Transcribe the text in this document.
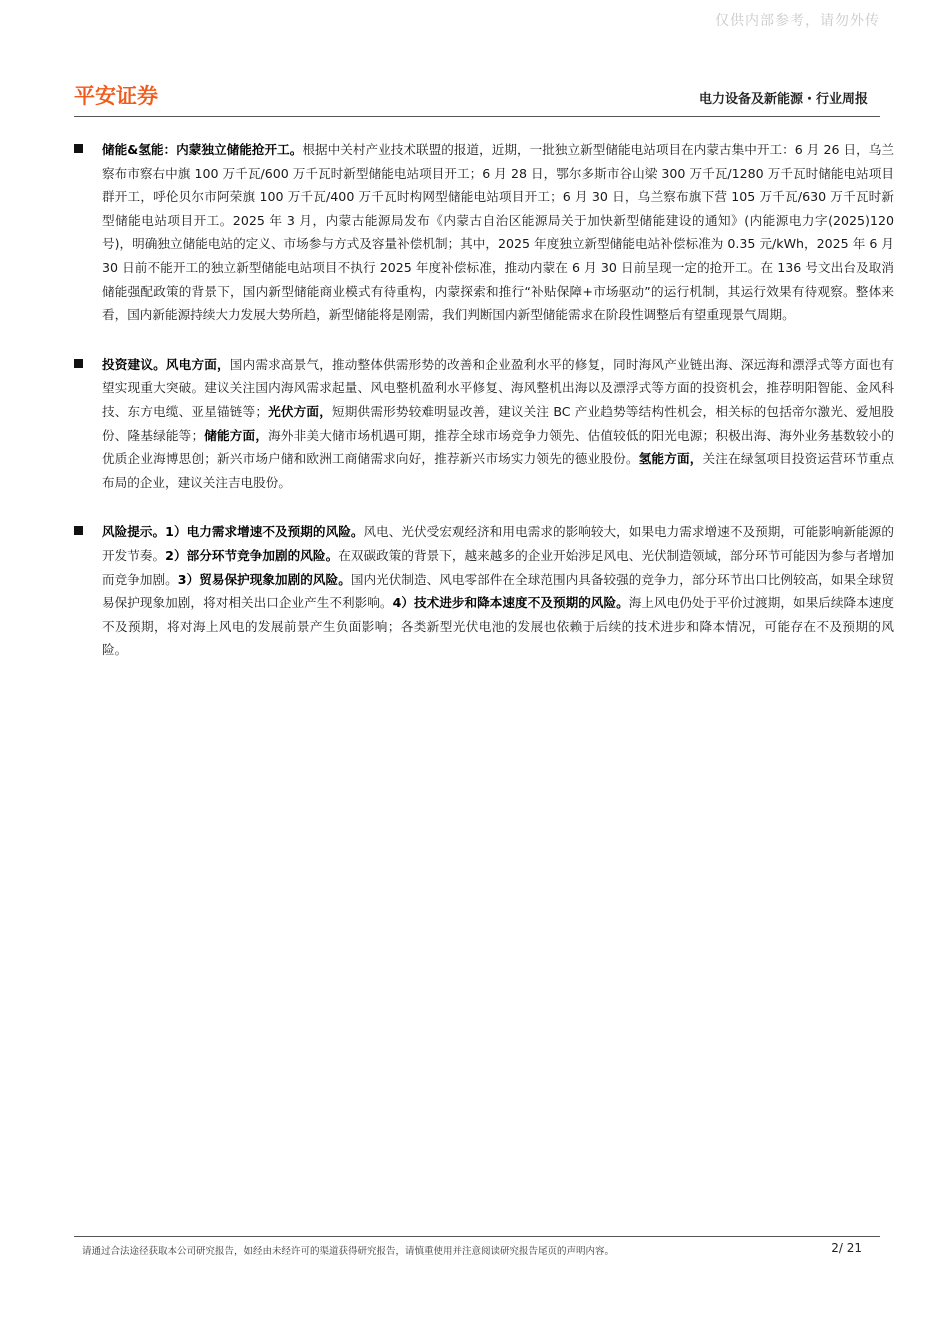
仅供内部参考，请勿外传
平安证券	电力设备及新能源・行业周报
储能&氢能：内蒙独立储能抢开工。根据中关村产业技术联盟的报道，近期，一批独立新型储能电站项目在内蒙古集中开工：6 月 26 日，乌兰察布市察右中旗 100 万千瓦/600 万千瓦时新型储能电站项目开工；6 月 28 日，鄂尔多斯市谷山梁 300 万千瓦/1280 万千瓦时储能电站项目群开工，呼伦贝尔市阿荣旗 100 万千瓦/400 万千瓦时构网型储能电站项目开工；6 月 30 日，乌兰察布旗下营 105 万千瓦/630 万千瓦时新型储能电站项目开工。2025 年 3 月，内蒙古能源局发布《内蒙古自治区能源局关于加快新型储能建设的通知》(内能源电力字(2025)120 号)，明确独立储能电站的定义、市场参与方式及容量补偿机制；其中，2025 年度独立新型储能电站补偿标准为 0.35 元/kWh，2025 年 6 月 30 日前不能开工的独立新型储能电站项目不执行 2025 年度补偿标准，推动内蒙在 6 月 30 日前呈现一定的抢开工。在 136 号文出台及取消储能强配政策的背景下，国内新型储能商业模式有待重构，内蒙探索和推行“补贴保障+市场驱动”的运行机制，其运行效果有待观察。整体来看，国内新能源持续大力发展大势所趋，新型储能将是刚需，我们判断国内新型储能需求在阶段性调整后有望重现景气周期。
投资建议。风电方面，国内需求高景气，推动整体供需形势的改善和企业盈利水平的修复，同时海风产业链出海、深远海和漂浮式等方面也有望实现重大突破。建议关注国内海风需求起量、风电整机盈利水平修复、海风整机出海以及漂浮式等方面的投资机会，推荐明阳智能、金风科技、东方电缆、亚星锚链等；光伏方面，短期供需形势较难明显改善，建议关注 BC 产业趋势等结构性机会，相关标的包括帝尔激光、爱旭股份、隆基绿能等；储能方面，海外非美大储市场机遇可期，推荐全球市场竞争力领先、估值较低的阳光电源；积极出海、海外业务基数较小的优质企业海博思创；新兴市场户储和欧洲工商储需求向好，推荐新兴市场实力领先的德业股份。氢能方面，关注在绿氢项目投资运营环节重点布局的企业，建议关注吉电股份。
风险提示。1）电力需求增速不及预期的风险。风电、光伏受宏观经济和用电需求的影响较大，如果电力需求增速不及预期，可能影响新能源的开发节奏。2）部分环节竞争加剧的风险。在双碳政策的背景下，越来越多的企业开始涉足风电、光伏制造领域，部分环节可能因为参与者增加而竞争加剧。3）贸易保护现象加剧的风险。国内光伏制造、风电零部件在全球范围内具备较强的竞争力，部分环节出口比例较高，如果全球贸易保护现象加剧，将对相关出口企业产生不利影响。4）技术进步和降本速度不及预期的风险。海上风电仍处于平价过渡期，如果后续降本速度不及预期，将对海上风电的发展前景产生负面影响；各类新型光伏电池的发展也依赖于后续的技术进步和降本情况，可能存在不及预期的风险。
请通过合法途径获取本公司研究报告，如经由未经许可的渠道获得研究报告，请慎重使用并注意阅读研究报告尾页的声明内容。	2/ 21
